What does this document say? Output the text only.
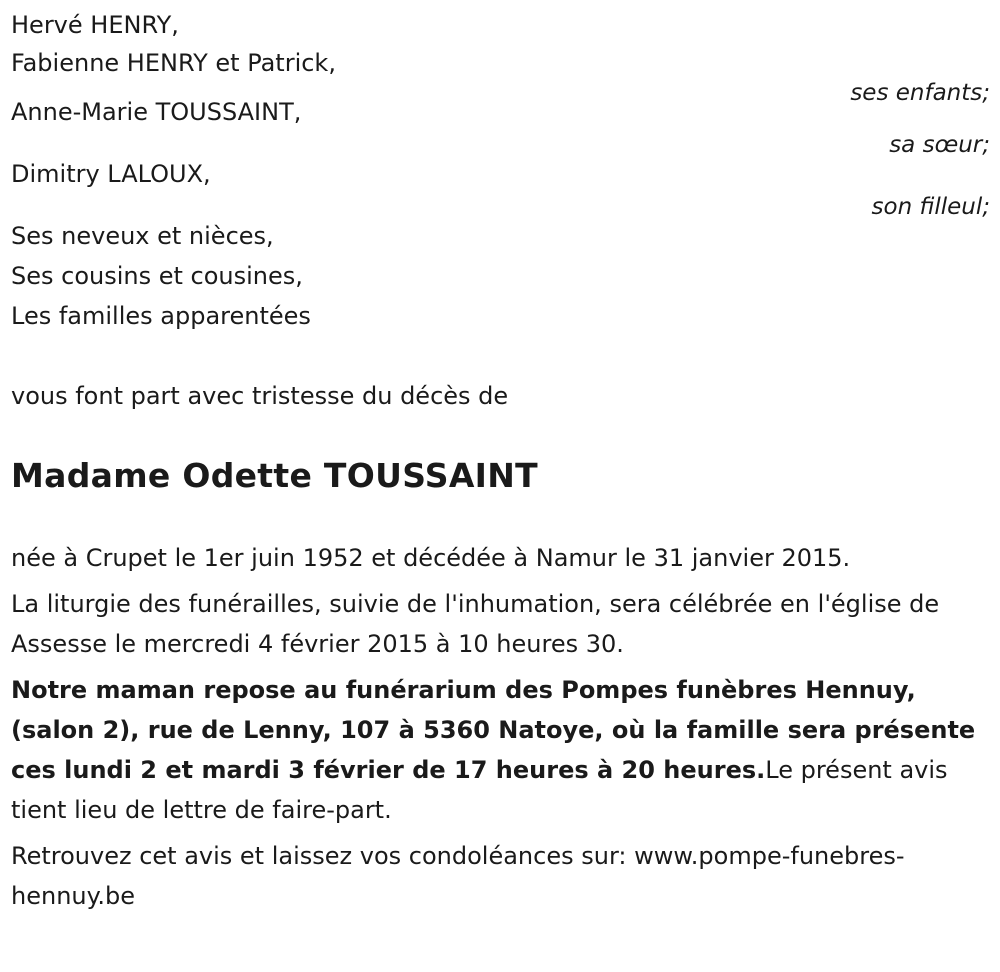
Hervé HENRY,
Fabienne HENRY et Patrick,
ses enfants;
Anne-Marie TOUSSAINT,
sa sœur;
Dimitry LALOUX,
son filleul;
Ses neveux et nièces,
Ses cousins et cousines,
Les familles apparentées
vous font part avec tristesse du décès de
Madame Odette TOUSSAINT

née à Crupet le 1er juin 1952 et décédée à Namur le 31 janvier 2015.

La liturgie des funérailles, suivie de l'inhumation, sera célébrée en l'église de Assesse le mercredi 4 février 2015 à 10 heures 30.

Notre maman repose au funérarium des Pompes funèbres Hennuy, (salon 2), rue de Lenny, 107 à 5360 Natoye, où la famille sera présente ces lundi 2 et mardi 3 février de 17 heures à 20 heures.Le présent avis tient lieu de lettre de faire-part.

Retrouvez cet avis et laissez vos condoléances sur: www.pompe-funebres-hennuy.be
